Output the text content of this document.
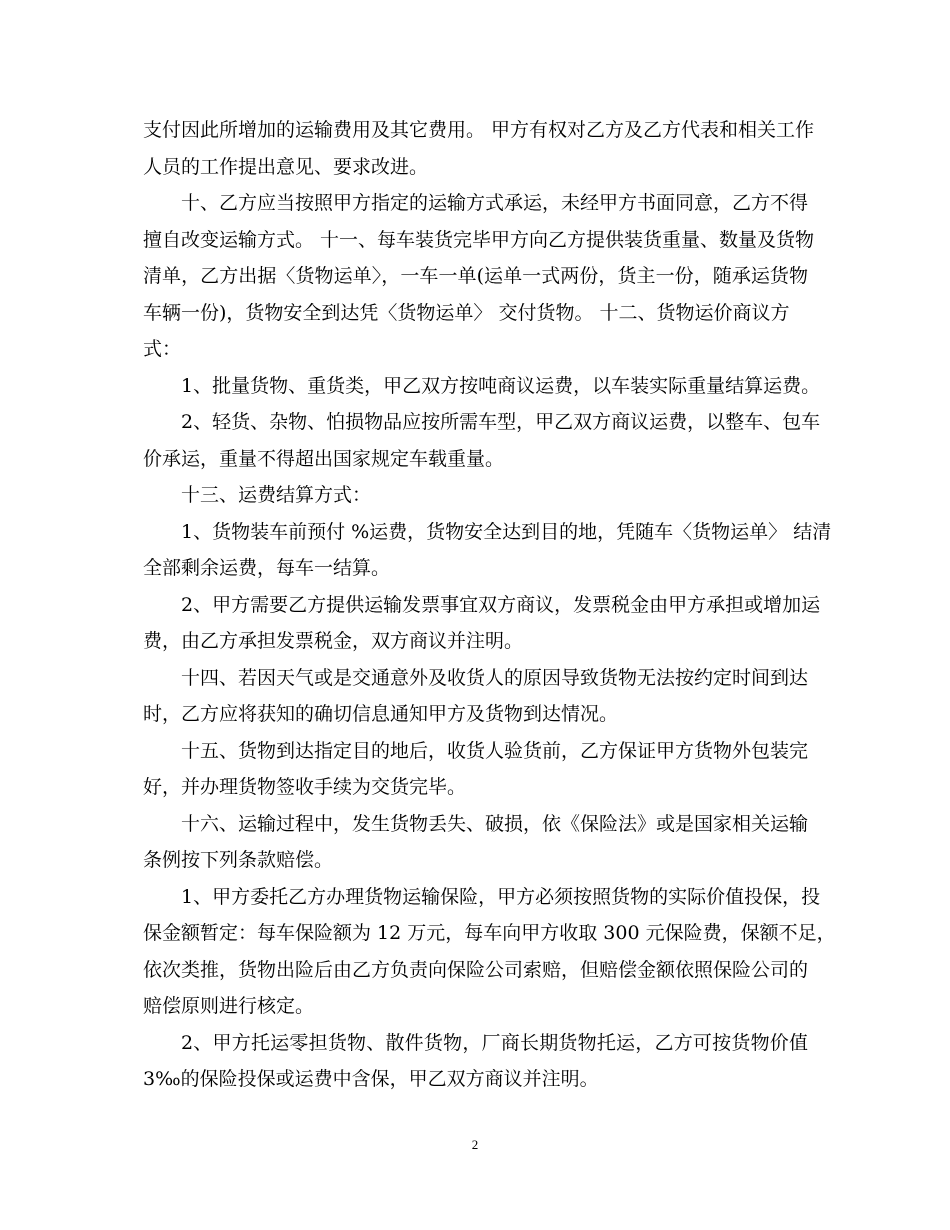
支付因此所增加的运输费用及其它费用。 甲方有权对乙方及乙方代表和相关工作
人员的工作提出意见、要求改进。
十、乙方应当按照甲方指定的运输方式承运，未经甲方书面同意，乙方不得
擅自改变运输方式。 十一、每车装货完毕甲方向乙方提供装货重量、数量及货物
清单，乙方出据〈货物运单〉，一车一单(运单一式两份，货主一份，随承运货物
车辆一份)，货物安全到达凭〈货物运单〉 交付货物。 十二、货物运价商议方
式：
1、批量货物、重货类，甲乙双方按吨商议运费，以车装实际重量结算运费。
2、轻货、杂物、怕损物品应按所需车型，甲乙双方商议运费，以整车、包车
价承运，重量不得超出国家规定车载重量。
十三、运费结算方式：
1、货物装车前预付 %运费，货物安全达到目的地，凭随车〈货物运单〉 结清
全部剩余运费，每车一结算。
2、甲方需要乙方提供运输发票事宜双方商议，发票税金由甲方承担或增加运
费，由乙方承担发票税金，双方商议并注明。
十四、若因天气或是交通意外及收货人的原因导致货物无法按约定时间到达
时，乙方应将获知的确切信息通知甲方及货物到达情况。
十五、货物到达指定目的地后，收货人验货前，乙方保证甲方货物外包装完
好，并办理货物签收手续为交货完毕。
十六、运输过程中，发生货物丢失、破损，依《保险法》或是国家相关运输
条例按下列条款赔偿。
1、甲方委托乙方办理货物运输保险，甲方必须按照货物的实际价值投保，投
保金额暂定：每车保险额为 12 万元，每车向甲方收取 300 元保险费，保额不足，
依次类推，货物出险后由乙方负责向保险公司索赔，但赔偿金额依照保险公司的
赔偿原则进行核定。
2、甲方托运零担货物、散件货物，厂商长期货物托运，乙方可按货物价值
3‰的保险投保或运费中含保，甲乙双方商议并注明。
2
